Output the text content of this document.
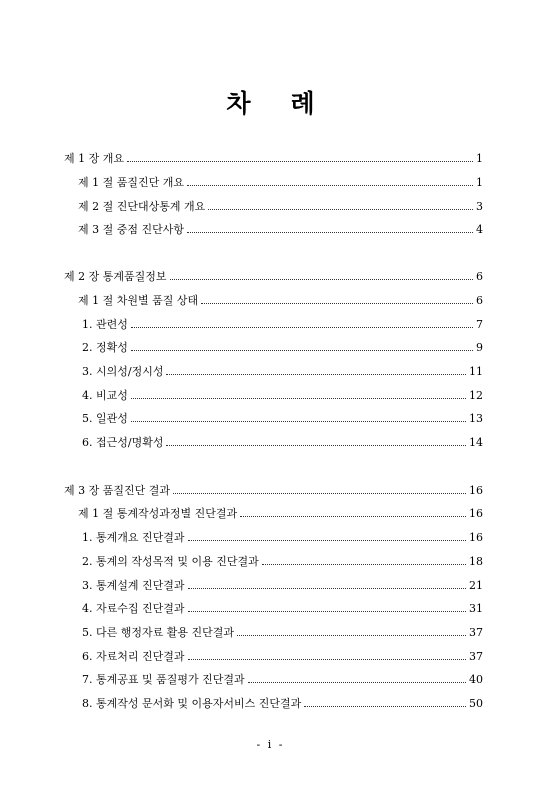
차례
제 1 장 개요	1
제 1 절 품질진단 개요	1
제 2 절 진단대상통계 개요	3
제 3 절 중점 진단사항	4
제 2 장 통계품질정보	6
제 1 절 차원별 품질 상태	6
1. 관련성	7
2. 정확성	9
3. 시의성/정시성	11
4. 비교성	12
5. 일관성	13
6. 접근성/명확성	14
제 3 장 품질진단 결과	16
제 1 절 통계작성과정별 진단결과	16
1. 통계개요 진단결과	16
2. 통계의 작성목적 및 이용 진단결과	18
3. 통계설계 진단결과	21
4. 자료수집 진단결과	31
5. 다른 행정자료 활용 진단결과	37
6. 자료처리 진단결과	37
7. 통계공표 및 품질평가 진단결과	40
8. 통계작성 문서화 및 이용자서비스 진단결과	50
- i -
